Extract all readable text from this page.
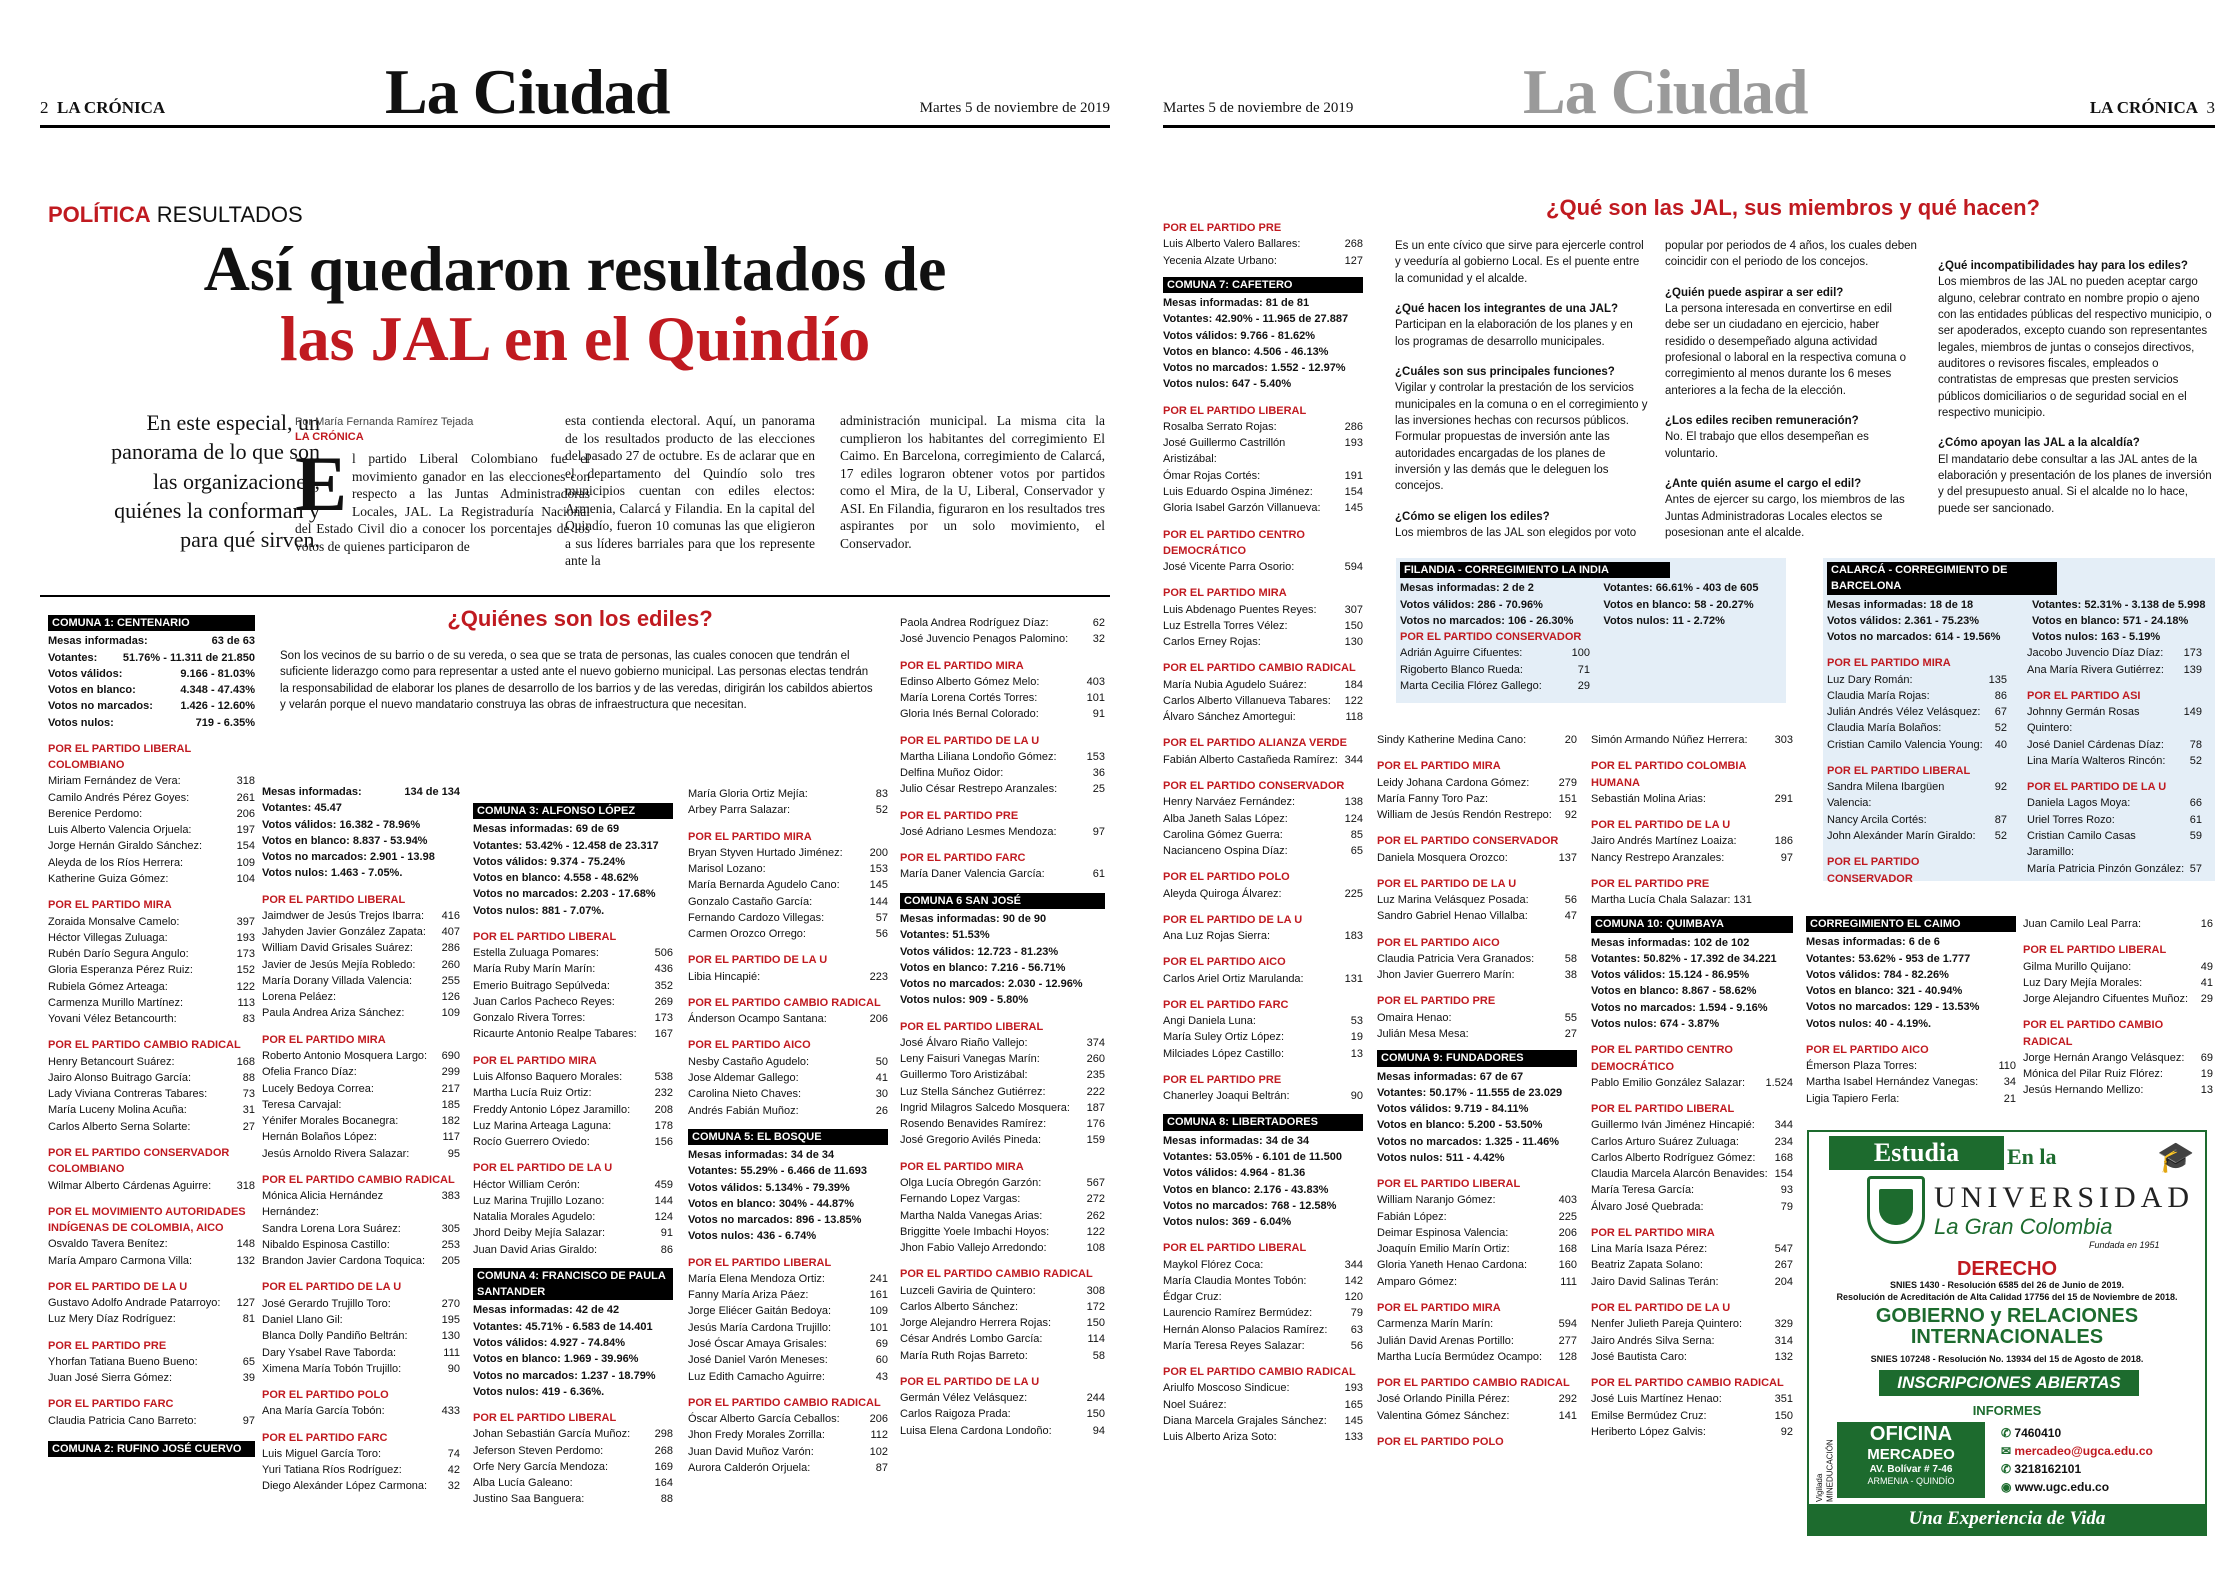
2 LA CRÓNICA	La Ciudad	Martes 5 de noviembre de 2019
POLÍTICA RESULTADOS
Así quedaron resultados de
las JAL en el Quindío
En este especial, un panorama de lo que son las organizaciones, quiénes la conforman y para qué sirven.
Por María Fernanda Ramírez Tejada
LA CRÓNICA
El partido Liberal Colombiano fue el movimiento ganador en las elecciones con respecto a las Juntas Administradoras Locales, JAL. La Registraduría Nacional del Estado Civil dio a conocer los porcentajes de los votos de quienes participaron de
esta contienda electoral. Aquí, un panorama de los resultados producto de las elecciones del pasado 27 de octubre. Es de aclarar que en el departamento del Quindío solo tres municipios cuentan con ediles electos: Armenia, Calarcá y Filandia. En la capital del Quindío, fueron 10 comunas las que eligieron a sus líderes barriales para que los represente ante la
administración municipal. La misma cita la cumplieron los habitantes del corregimiento El Caimo. En Barcelona, corregimiento de Calarcá, 17 ediles lograron obtener votos por partidos como el Mira, de la U, Liberal, Conservador y ASI. En Filandia, figuraron en los resultados tres aspirantes por un solo movimiento, el Conservador.
¿Quiénes son los ediles?
Son los vecinos de su barrio o de su vereda, o sea que se trata de personas, las cuales conocen que tendrán el suficiente liderazgo como para representar a usted ante el nuevo gobierno municipal. Las personas electas tendrán la responsabilidad de elaborar los planes de desarrollo de los barrios y de las veredas, dirigirán los cabildos abiertos y velarán porque el nuevo mandatario construya las obras de infraestructura que necesitan.
COMUNA 1: CENTENARIO
Mesas informadas:	63 de 63
Votantes: 51.76% - 11.311 de 21.850
Votos válidos:	9.166 - 81.03%
Votos en blanco:	4.348 - 47.43%
Votos no marcados: 1.426 - 12.60%
Votos nulos:	719 - 6.35%
POR EL PARTIDO LIBERAL COLOMBIANO
Miriam Fernández de Vera:	318
Camilo Andrés Pérez Goyes:	261
Berenice Perdomo:	206
Luis Alberto Valencia Orjuela:	197
Jorge Hernán Giraldo Sánchez:	154
Aleyda de los Ríos Herrera:	109
Katherine Guiza Gómez:	104
POR EL PARTIDO MIRA
Zoraida Monsalve Camelo:	397
Héctor Villegas Zuluaga:	193
Rubén Darío Segura Angulo:	173
Gloria Esperanza Pérez Ruiz:	152
Rubiela Gómez Arteaga:	122
Carmenza Murillo Martínez:	113
Yovani Vélez Betancourth:	83
POR EL PARTIDO CAMBIO RADICAL
Henry Betancourt Suárez:	168
Jairo Alonso Buitrago García:	88
Lady Viviana Contreras Tabares:	73
María Luceny Molina Acuña:	31
Carlos Alberto Serna Solarte:	27
POR EL PARTIDO CONSERVADOR COLOMBIANO
Wilmar Alberto Cárdenas Aguirre: 318
POR EL MOVIMIENTO AUTORIDADES INDÍGENAS DE COLOMBIA, AICO
Osvaldo Tavera Benítez:	148
María Amparo Carmona Villa:	132
POR EL PARTIDO DE LA U
Gustavo Adolfo Andrade Patarroyo: 127
Luz Mery Díaz Rodríguez:	81
POR EL PARTIDO PRE
Yhorfan Tatiana Bueno Bueno:	65
Juan José Sierra Gómez:	39
POR EL PARTIDO FARC
Claudia Patricia Cano Barreto:	97
COMUNA 2: RUFINO JOSÉ CUERVO
Mesas informadas:	134 de 134
Votantes: 45.47
Votos válidos: 16.382 - 78.96%
Votos en blanco: 8.837 - 53.94%
Votos no marcados: 2.901 - 13.98
Votos nulos: 1.463 - 7.05%.
POR EL PARTIDO LIBERAL
Jaimdwer de Jesús Trejos Ibarra: 416
Jahyden Javier González Zapata: 407
William David Grisales Suárez:	286
Javier de Jesús Mejía Robledo: 260
María Dorany Villada Valencia:	255
Lorena Peláez:	126
Paula Andrea Ariza Sánchez:	109
POR EL PARTIDO MIRA
Roberto Antonio Mosquera Largo: 690
Ofelia Franco Díaz:	299
Lucely Bedoya Correa:	217
Teresa Carvajal:	185
Yénifer Morales Bocanegra:	182
Hernán Bolaños López:	117
Jesús Arnoldo Rivera Salazar:	95
POR EL PARTIDO CAMBIO RADICAL
Mónica Alicia Hernández Hernández:
383
Sandra Lorena Lora Suárez:	305
Nibaldo Espinosa Castillo:	253
Brandon Javier Cardona Toquica: 205
POR EL PARTIDO DE LA U
José Gerardo Trujillo Toro:	270
Daniel Llano Gil:	195
Blanca Dolly Pandiño Beltrán:	130
Dary Ysabel Rave Taborda:	111
Ximena María Tobón Trujillo:	90
POR EL PARTIDO POLO
Ana María García Tobón:	433
POR EL PARTIDO FARC
Luis Miguel García Toro:	74
Yuri Tatiana Ríos Rodríguez:	42
Diego Alexánder López Carmona: 32
COMUNA 3: ALFONSO LÓPEZ
Mesas informadas: 69 de 69
Votantes: 53.42% - 12.458 de 23.317
Votos válidos: 9.374 - 75.24%
Votos en blanco: 4.558 - 48.62%
Votos no marcados: 2.203 - 17.68%
Votos nulos: 881 - 7.07%.
POR EL PARTIDO LIBERAL
Estella Zuluaga Pomares:	506
María Ruby Marín Marín:	436
Emerio Buitrago Sepúlveda:	352
Juan Carlos Pacheco Reyes:	269
Gonzalo Rivera Torres:	173
Ricaurte Antonio Realpe Tabares: 167
POR EL PARTIDO MIRA
Luis Alfonso Baquero Morales:	538
Martha Lucía Ruiz Ortiz:	232
Freddy Antonio López Jaramillo: 208
Luz Marina Arteaga Laguna:	178
Rocío Guerrero Oviedo:	156
POR EL PARTIDO DE LA U
Héctor William Cerón:	459
Luz Marina Trujillo Lozano:	144
Natalia Morales Agudelo:	124
Jhord Deiby Mejía Salazar:	91
Juan David Arias Giraldo:	86
COMUNA 4: FRANCISCO DE PAULA SANTANDER
Mesas informadas: 42 de 42
Votantes: 45.71% - 6.583 de 14.401
Votos válidos: 4.927 - 74.84%
Votos en blanco: 1.969 - 39.96%
Votos no marcados: 1.237 - 18.79%
Votos nulos: 419 - 6.36%.
POR EL PARTIDO LIBERAL
Johan Sebastián García Muñoz: 298
Jeferson Steven Perdomo:	268
Orfe Nery García Mendoza:	169
Alba Lucía Galeano:	164
Justino Saa Banguera:	88
María Gloria Ortiz Mejía:	83
Arbey Parra Salazar:	52
POR EL PARTIDO MIRA
Bryan Styven Hurtado Jiménez: 200
Marisol Lozano:	153
María Bernarda Agudelo Cano:	145
Gonzalo Castaño García:	144
Fernando Cardozo Villegas:	57
Carmen Orozco Orrego:	56
POR EL PARTIDO DE LA U
Libia Hincapié:	223
POR EL PARTIDO CAMBIO RADICAL
Ánderson Ocampo Santana:	206
POR EL PARTIDO AICO
Nesby Castaño Agudelo:	50
Jose Aldemar Gallego:	41
Carolina Nieto Chaves:	30
Andrés Fabián Muñoz:	26
COMUNA 5: EL BOSQUE
Mesas informadas: 34 de 34
Votantes: 55.29% - 6.466 de 11.693
Votos válidos: 5.134% - 79.39%
Votos en blanco: 304% - 44.87%
Votos no marcados: 896 - 13.85%
Votos nulos: 436 - 6.74%
POR EL PARTIDO LIBERAL
María Elena Mendoza Ortiz:	241
Fanny María Ariza Páez:	161
Jorge Eliécer Gaitán Bedoya:	109
Jesús María Cardona Trujillo:	101
José Óscar Amaya Grisales:	69
José Daniel Varón Meneses:	60
Luz Edith Camacho Aguirre:	43
POR EL PARTIDO CAMBIO RADICAL
Óscar Alberto García Ceballos:	206
Jhon Fredy Morales Zorrilla:	112
Juan David Muñoz Varón:	102
Aurora Calderón Orjuela:	87
Paola Andrea Rodríguez Díaz:	62
José Juvencio Penagos Palomino: 32
POR EL PARTIDO MIRA
Edinso Alberto Gómez Melo:	403
María Lorena Cortés Torres:	101
Gloria Inés Bernal Colorado:	91
POR EL PARTIDO DE LA U
Martha Liliana Londoño Gómez:	153
Delfina Muñoz Oidor:	36
Julio César Restrepo Aranzales:	25
POR EL PARTIDO PRE
José Adriano Lesmes Mendoza:	97
POR EL PARTIDO FARC
María Daner Valencia García:	61
COMUNA 6 SAN JOSÉ
Mesas informadas: 90 de 90
Votantes: 51.53%
Votos válidos: 12.723 - 81.23%
Votos en blanco: 7.216 - 56.71%
Votos no marcados: 2.030 - 12.96%
Votos nulos: 909 - 5.80%
POR EL PARTIDO LIBERAL
José Álvaro Riaño Vallejo:	374
Leny Faisuri Vanegas Marín:	260
Guillermo Toro Aristizábal:	235
Luz Stella Sánchez Gutiérrez:	222
Ingrid Milagros Salcedo Mosquera: 187
Rosendo Benavides Ramírez:	176
José Gregorio Avilés Pineda:	159
POR EL PARTIDO MIRA
Olga Lucía Obregón Garzón:	567
Fernando Lopez Vargas:	272
Martha Nalda Vanegas Arias:	262
Briggitte Yoele Imbachi Hoyos:	122
Jhon Fabio Vallejo Arredondo:	108
POR EL PARTIDO CAMBIO RADICAL
Luzceli Gaviria de Quintero:	308
Carlos Alberto Sánchez:	172
Jorge Alejandro Herrera Rojas:	150
César Andrés Lombo García:	114
María Ruth Rojas Barreto:	58
POR EL PARTIDO DE LA U
Germán Vélez Velásquez:	244
Carlos Raigoza Prada:	150
Luisa Elena Cardona Londoño:	94
Martes 5 de noviembre de 2019	La Ciudad	LA CRÓNICA 3
¿Qué son las JAL, sus miembros y qué hacen?

Es un ente cívico que sirve para ejercerle control y veeduría al gobierno Local. Es el puente entre la comunidad y el alcalde.

¿Qué hacen los integrantes de una JAL?
Participan en la elaboración de los planes y en los programas de desarrollo municipales.

¿Cuáles son sus principales funciones?
Vigilar y controlar la prestación de los servicios municipales en la comuna o en el corregimiento y las inversiones hechas con recursos públicos. Formular propuestas de inversión ante las autoridades encargadas de los planes de inversión y las demás que le deleguen los concejos.

¿Cómo se eligen los ediles?
Los miembros de las JAL son elegidos por voto

popular por periodos de 4 años, los cuales deben coincidir con el periodo de los concejos.

¿Quién puede aspirar a ser edil?
La persona interesada en convertirse en edil debe ser un ciudadano en ejercicio, haber residido o desempeñado alguna actividad profesional o laboral en la respectiva comuna o corregimiento al menos durante los 6 meses anteriores a la fecha de la elección.

¿Los ediles reciben remuneración?
No. El trabajo que ellos desempeñan es voluntario.

¿Ante quién asume el cargo el edil?
Antes de ejercer su cargo, los miembros de las Juntas Administradoras Locales electos se posesionan ante el alcalde.

¿Qué incompatibilidades hay para los ediles?
Los miembros de las JAL no pueden aceptar cargo alguno, celebrar contrato en nombre propio o ajeno con las entidades públicas del respectivo municipio, o ser apoderados, excepto cuando son representantes legales, miembros de juntas o consejos directivos, auditores o revisores fiscales, empleados o contratistas de empresas que presten servicios públicos domiciliarios o de seguridad social en el respectivo municipio.

¿Cómo apoyan las JAL a la alcaldía?
El mandatario debe consultar a las JAL antes de la elaboración y presentación de los planes de inversión y del presupuesto anual. Si el alcalde no lo hace, puede ser sancionado.

POR EL PARTIDO PRE
Luis Alberto Valero Ballares:	268
Yecenia Alzate Urbano:	127
COMUNA 7: CAFETERO
Mesas informadas: 81 de 81
Votantes: 42.90% - 11.965 de 27.887
Votos válidos: 9.766 - 81.62%
Votos en blanco: 4.506 - 46.13%
Votos no marcados: 1.552 - 12.97%
Votos nulos: 647 - 5.40%
POR EL PARTIDO LIBERAL
Rosalba Serrato Rojas:	286
José Guillermo Castrillón Aristizábal:
193
Ómar Rojas Cortés:	191
Luis Eduardo Ospina Jiménez:	154
Gloria Isabel Garzón Villanueva: 145
POR EL PARTIDO CENTRO DEMOCRÁTICO
José Vicente Parra Osorio:	594
POR EL PARTIDO MIRA
Luis Abdenago Puentes Reyes:	307
Luz Estrella Torres Vélez:	150
Carlos Erney Rojas:	130
POR EL PARTIDO CAMBIO RADICAL
María Nubia Agudelo Suárez:	184
Carlos Alberto Villanueva Tabares: 122
Álvaro Sánchez Amortegui:	118
POR EL PARTIDO ALIANZA VERDE
Fabián Alberto Castañeda Ramírez: 344
POR EL PARTIDO CONSERVADOR
Henry Narváez Fernández:	138
Alba Janeth Salas López:	124
Carolina Gómez Guerra:	85
Nacianceno Ospina Díaz:	65
POR EL PARTIDO POLO
Aleyda Quiroga Álvarez:	225
POR EL PARTIDO DE LA U
Ana Luz Rojas Sierra:	183
POR EL PARTIDO AICO
Carlos Ariel Ortiz Marulanda:	131
POR EL PARTIDO FARC
Angi Daniela Luna:	53
María Suley Ortiz López:	19
Milciades López Castillo:	13
POR EL PARTIDO PRE
Chanerley Joaqui Beltrán:	90
COMUNA 8: LIBERTADORES
Mesas informadas: 34 de 34
Votantes: 53.05% - 6.101 de 11.500
Votos válidos: 4.964 - 81.36
Votos en blanco: 2.176 - 43.83%
Votos no marcados: 768 - 12.58%
Votos nulos: 369 - 6.04%
POR EL PARTIDO LIBERAL
Maykol Flórez Coca:	344
María Claudia Montes Tobón:	142
Édgar Cruz:	120
Laurencio Ramírez Bermúdez:	79
Hernán Alonso Palacios Ramírez: 63
María Teresa Reyes Salazar:	56
POR EL PARTIDO CAMBIO RADICAL
Ariulfo Moscoso Sindicue:	193
Noel Suárez:	165
Diana Marcela Grajales Sánchez: 145
Luis Alberto Ariza Soto:	133
FILANDIA - CORREGIMIENTO LA INDIA
Mesas informadas: 2 de 2
Votos válidos: 286 - 70.96%
Votos no marcados: 106 - 26.30%
Votantes: 66.61% - 403 de 605
Votos en blanco: 58 - 20.27%
Votos nulos: 11 - 2.72%
POR EL PARTIDO CONSERVADOR
Adrián Aguirre Cifuentes:	100
Rigoberto Blanco Rueda:	71
Marta Cecilia Flórez Gallego:	29
CALARCÁ - CORREGIMIENTO DE BARCELONA
Mesas informadas: 18 de 18
Votos válidos: 2.361 - 75.23%
Votos no marcados: 614 - 19.56%
Votantes: 52.31% - 3.138 de 5.998
Votos en blanco: 571 - 24.18%
Votos nulos: 163 - 5.19%
POR EL PARTIDO MIRA
Luz Dary Román:	135
Claudia María Rojas:	86
Julián Andrés Vélez Velásquez: 67
Claudia María Bolaños:	52
Cristian Camilo Valencia Young: 40
POR EL PARTIDO LIBERAL
Sandra Milena Ibargüen Valencia:
92
Nancy Arcila Cortés:	87
John Alexánder Marín Giraldo: 52
POR EL PARTIDO CONSERVADOR
Jacobo Juvencio Díaz Díaz: 173
Ana María Rivera Gutiérrez: 139
POR EL PARTIDO ASI
Johnny Germán Rosas Quintero:
149
José Daniel Cárdenas Díaz: 78
Lina María Walteros Rincón: 52
POR EL PARTIDO DE LA U
Daniela Lagos Moya:	66
Uriel Torres Rozo:	61
Cristian Camilo Casas Jaramillo:
59
María Patricia Pinzón González: 57
Sindy Katherine Medina Cano:	20
POR EL PARTIDO MIRA
Leidy Johana Cardona Gómez:	279
María Fanny Toro Paz:	151
William de Jesús Rendón Restrepo: 92
POR EL PARTIDO CONSERVADOR
Daniela Mosquera Orozco:	137
POR EL PARTIDO DE LA U
Luz Marina Velásquez Posada:	56
Sandro Gabriel Henao Villalba:	47
POR EL PARTIDO AICO
Claudia Patricia Vera Granados:	58
Jhon Javier Guerrero Marín:	38
POR EL PARTIDO PRE
Omaira Henao:	55
Julián Mesa Mesa:	27
COMUNA 9: FUNDADORES
Mesas informadas: 67 de 67
Votantes: 50.17% - 11.555 de 23.029
Votos válidos: 9.719 - 84.11%
Votos en blanco: 5.200 - 53.50%
Votos no marcados: 1.325 - 11.46%
Votos nulos: 511 - 4.42%
POR EL PARTIDO LIBERAL
William Naranjo Gómez:	403
Fabián López:	225
Deimar Espinosa Valencia:	206
Joaquín Emilio Marín Ortiz:	168
Gloria Yaneth Henao Cardona:	160
Amparo Gómez:	111
POR EL PARTIDO MIRA
Carmenza Marín Marín:	594
Julián David Arenas Portillo:	277
Martha Lucía Bermúdez Ocampo: 128
POR EL PARTIDO CAMBIO RADICAL
José Orlando Pinilla Pérez:	292
Valentina Gómez Sánchez:	141
POR EL PARTIDO POLO
Simón Armando Núñez Herrera: 303
POR EL PARTIDO COLOMBIA HUMANA
Sebastián Molina Arias:	291
POR EL PARTIDO DE LA U
Jairo Andrés Martínez Loaiza:	186
Nancy Restrepo Aranzales:	97
POR EL PARTIDO PRE
Martha Lucía Chala Salazar: 131
COMUNA 10: QUIMBAYA
Mesas informadas: 102 de 102
Votantes: 50.82% - 17.392 de 34.221
Votos válidos: 15.124 - 86.95%
Votos en blanco: 8.867 - 58.62%
Votos no marcados: 1.594 - 9.16%
Votos nulos: 674 - 3.87%
POR EL PARTIDO CENTRO DEMOCRÁTICO
Pablo Emilio González Salazar: 1.524
POR EL PARTIDO LIBERAL
Guillermo Iván Jiménez Hincapié: 344
Carlos Arturo Suárez Zuluaga:	234
Carlos Alberto Rodríguez Gómez: 168
Claudia Marcela Alarcón Benavides: 154
María Teresa García:	93
Álvaro José Quebrada:	79
POR EL PARTIDO MIRA
Lina María Isaza Pérez:	547
Beatriz Zapata Solano:	267
Jairo David Salinas Terán:	204
POR EL PARTIDO DE LA U
Nenfer Julieth Pareja Quintero:	329
Jairo Andrés Silva Serna:	314
José Bautista Caro:	132
POR EL PARTIDO CAMBIO RADICAL
José Luis Martínez Henao:	351
Emilse Bermúdez Cruz:	150
Heriberto López Galvis:	92
CORREGIMIENTO EL CAIMO
Mesas informadas: 6 de 6
Votantes: 53.62% - 953 de 1.777
Votos válidos: 784 - 82.26%
Votos en blanco: 321 - 40.94%
Votos no marcados: 129 - 13.53%
Votos nulos: 40 - 4.19%.
POR EL PARTIDO AICO
Émerson Plaza Torres:	110
Martha Isabel Hernández Vanegas: 34
Ligia Tapiero Ferla:	21
Juan Camilo Leal Parra:	16
POR EL PARTIDO LIBERAL
Gilma Murillo Quijano:	49
Luz Dary Mejía Morales:	41
Jorge Alejandro Cifuentes Muñoz: 29
POR EL PARTIDO CAMBIO RADICAL
Jorge Hernán Arango Velásquez: 69
Mónica del Pilar Ruiz Flórez:	19
Jesús Hernando Mellizo:	13
Estudia	En la	🎓
UNIVERSIDAD
La Gran Colombia
Fundada en 1951
DERECHO
SNIES 1430 - Resolución 6585 del 26 de Junio de 2019.
Resolución de Acreditación de Alta Calidad 17756 del 15 de Noviembre de 2018.
GOBIERNO y RELACIONES INTERNACIONALES
SNIES 107248 - Resolución No. 13934 del 15 de Agosto de 2018.
INSCRIPCIONES ABIERTAS
INFORMES
Vigilada MINEDUCACIÓN
OFICINA
MERCADEO
AV. Bolívar # 7-46
ARMENIA - QUINDÍO
✆ 7460410
✉ mercadeo@ugca.edu.co
✆ 3218162101
◉ www.ugc.edu.co
Una Experiencia de Vida
